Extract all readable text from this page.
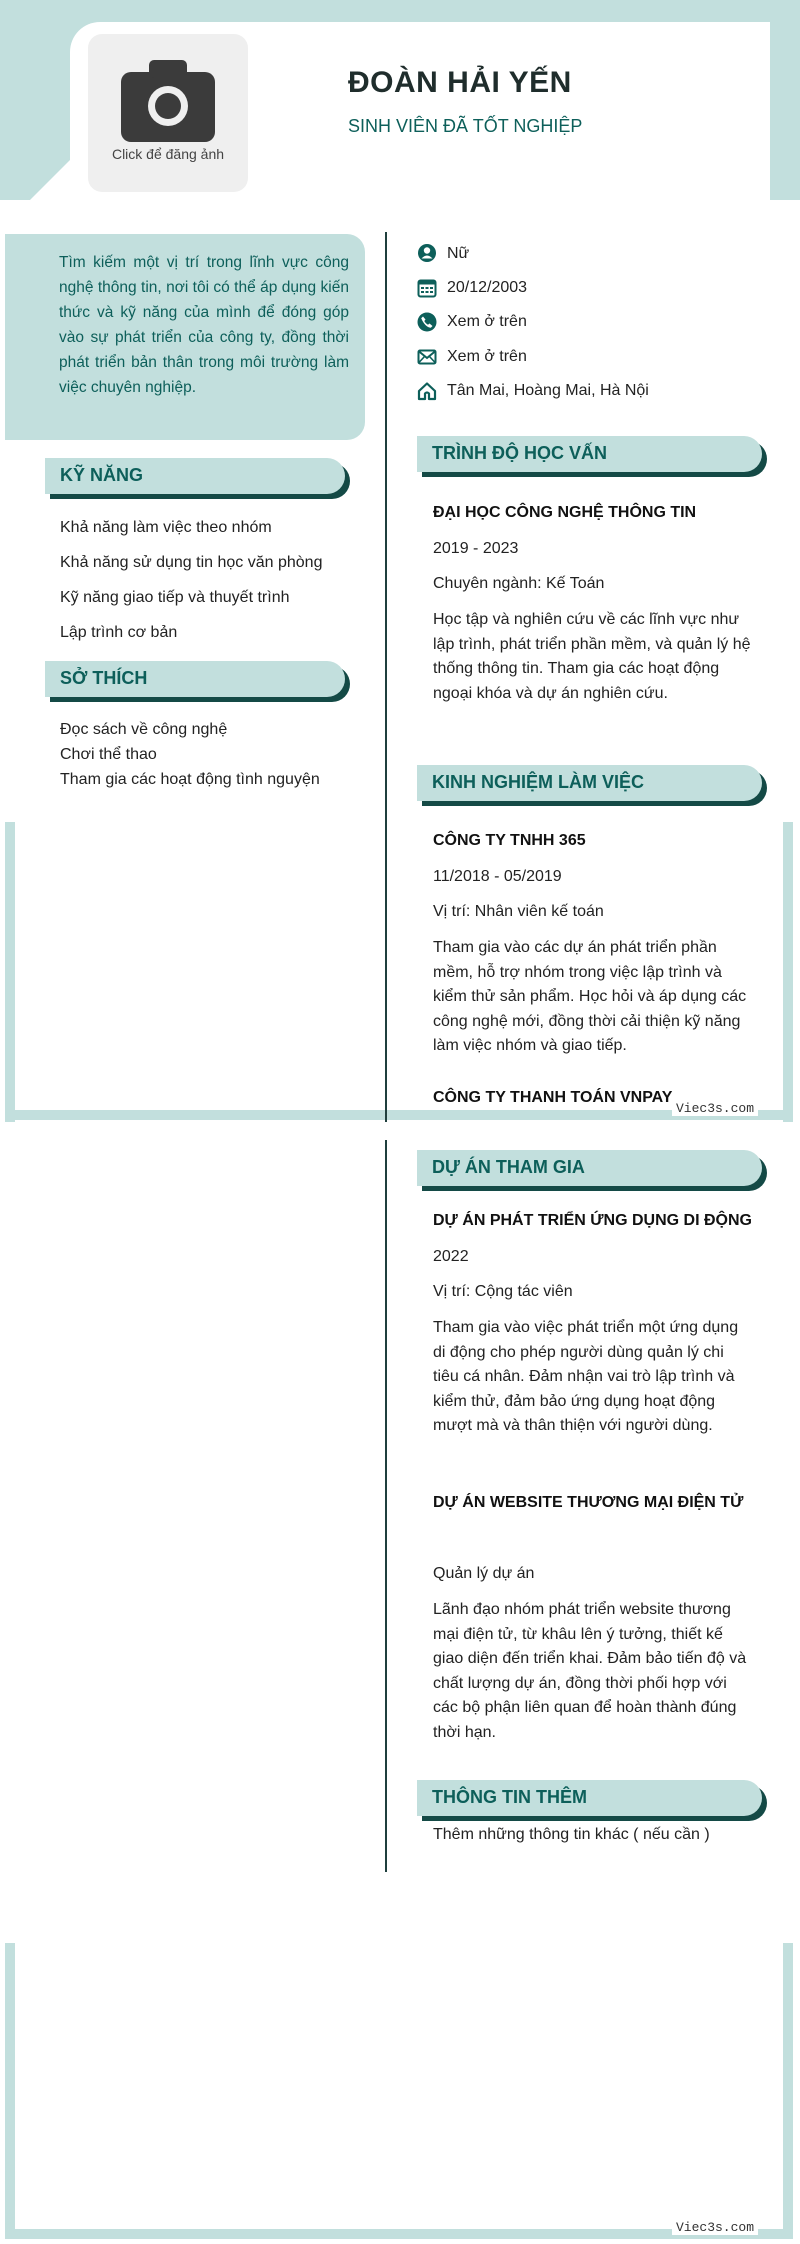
Click để đăng ảnh
ĐOÀN HẢI YẾN
SINH VIÊN ĐÃ TỐT NGHIỆP

Tìm kiếm một vị trí trong lĩnh vực công nghệ thông tin, nơi tôi có thể áp dụng kiến thức và kỹ năng của mình để đóng góp vào sự phát triển của công ty, đồng thời phát triển bản thân trong môi trường làm việc chuyên nghiệp.

KỸ NĂNG
Khả năng làm việc theo nhóm
Khả năng sử dụng tin học văn phòng
Kỹ năng giao tiếp và thuyết trình
Lập trình cơ bản
SỞ THÍCH
Đọc sách về công nghệ
Chơi thể thao
Tham gia các hoạt động tình nguyện
Viec3s.com
Viec3s.com
Nữ
20/12/2003
Xem ở trên
Xem ở trên
Tân Mai, Hoàng Mai, Hà Nội
TRÌNH ĐỘ HỌC VẤN
ĐẠI HỌC CÔNG NGHỆ THÔNG TIN
2019 - 2023
Chuyên ngành: Kế Toán
Học tập và nghiên cứu về các lĩnh vực như lập trình, phát triển phần mềm, và quản lý hệ thống thông tin. Tham gia các hoạt động ngoại khóa và dự án nghiên cứu.
KINH NGHIỆM LÀM VIỆC
CÔNG TY TNHH 365
11/2018 - 05/2019
Vị trí: Nhân viên kế toán
Tham gia vào các dự án phát triển phần mềm, hỗ trợ nhóm trong việc lập trình và kiểm thử sản phẩm. Học hỏi và áp dụng các công nghệ mới, đồng thời cải thiện kỹ năng làm việc nhóm và giao tiếp.
CÔNG TY THANH TOÁN VNPAY
DỰ ÁN THAM GIA
DỰ ÁN PHÁT TRIỂN ỨNG DỤNG DI ĐỘNG
2022
Vị trí: Cộng tác viên
Tham gia vào việc phát triển một ứng dụng di động cho phép người dùng quản lý chi tiêu cá nhân. Đảm nhận vai trò lập trình và kiểm thử, đảm bảo ứng dụng hoạt động mượt mà và thân thiện với người dùng.
DỰ ÁN WEBSITE THƯƠNG MẠI ĐIỆN TỬ
Quản lý dự án
Lãnh đạo nhóm phát triển website thương mại điện tử, từ khâu lên ý tưởng, thiết kế giao diện đến triển khai. Đảm bảo tiến độ và chất lượng dự án, đồng thời phối hợp với các bộ phận liên quan để hoàn thành đúng thời hạn.
THÔNG TIN THÊM
Thêm những thông tin khác ( nếu cần )
